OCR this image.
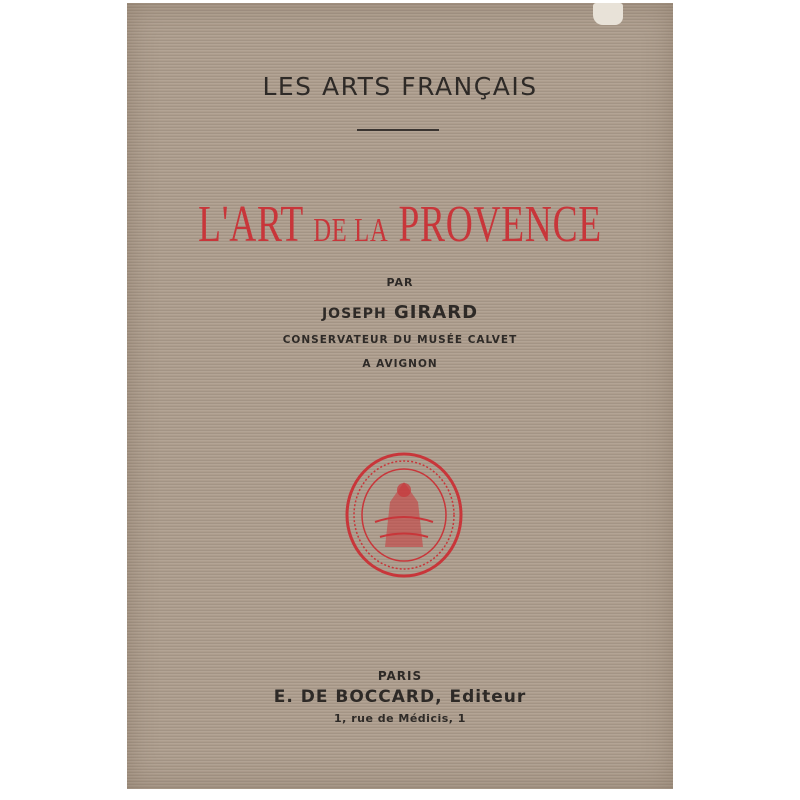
LES ARTS FRANÇAIS
L'ART DE LA PROVENCE
PAR
JOSEPH GIRARD
CONSERVATEUR DU MUSÉE CALVET
A AVIGNON
PARIS
E. DE BOCCARD, Editeur
1, rue de Médicis, 1
